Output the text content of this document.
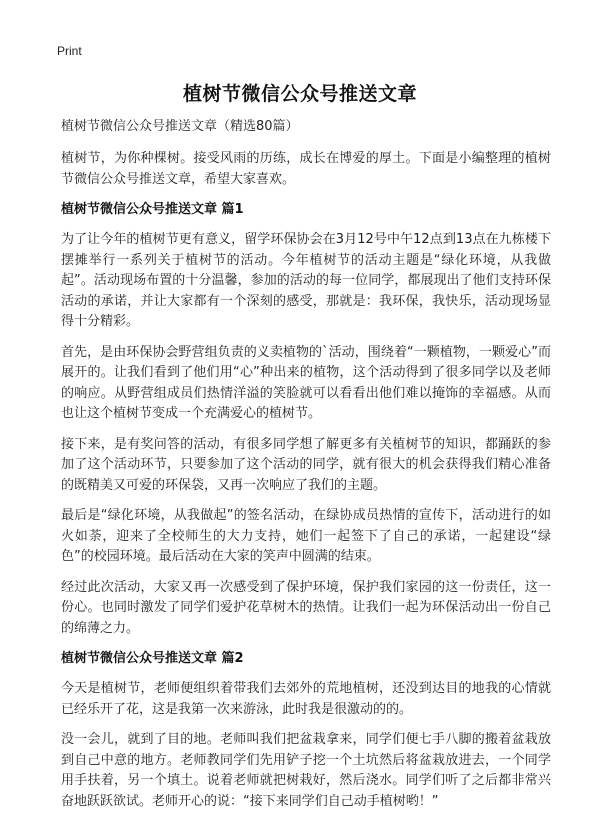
Print
植树节微信公众号推送文章

植树节微信公众号推送文章（精选80篇）

植树节，为你种棵树。接受风雨的历练，成长在博爱的厚土。下面是小编整理的植树节微信公众号推送文章，希望大家喜欢。

植树节微信公众号推送文章 篇1

为了让今年的植树节更有意义，留学环保协会在3月12号中午12点到13点在九栋楼下摆摊举行一系列关于植树节的活动。今年植树节的活动主题是“绿化环境，从我做起”。活动现场布置的十分温馨，参加的活动的每一位同学，都展现出了他们支持环保活动的承诺，并让大家都有一个深刻的感受，那就是：我环保，我快乐，活动现场显得十分精彩。

首先，是由环保协会野营组负责的义卖植物的`活动，围绕着“一颗植物，一颗爱心”而展开的。让我们看到了他们用“心”种出来的植物，这个活动得到了很多同学以及老师的响应。从野营组成员们热情洋溢的笑脸就可以看看出他们难以掩饰的幸福感。从而也让这个植树节变成一个充满爱心的植树节。

接下来，是有奖问答的活动，有很多同学想了解更多有关植树节的知识，都踊跃的参加了这个活动环节，只要参加了这个活动的同学，就有很大的机会获得我们精心准备的既精美又可爱的环保袋，又再一次响应了我们的主题。

最后是“绿化环境，从我做起”的签名活动，在绿协成员热情的宣传下，活动进行的如火如荼，迎来了全校师生的大力支持，她们一起签下了自己的承诺，一起建设“绿色”的校园环境。最后活动在大家的笑声中圆满的结束。

经过此次活动，大家又再一次感受到了保护环境，保护我们家园的这一份责任，这一份心。也同时激发了同学们爱护花草树木的热情。让我们一起为环保活动出一份自己的绵薄之力。

植树节微信公众号推送文章 篇2

今天是植树节，老师便组织着带我们去郊外的荒地植树，还没到达目的地我的心情就已经乐开了花，这是我第一次来游泳，此时我是很激动的的。

没一会儿，就到了目的地。老师叫我们把盆栽拿来，同学们便七手八脚的搬着盆栽放到自己中意的地方。老师教同学们先用铲子挖一个土坑然后将盆栽放进去，一个同学用手扶着，另一个填土。说着老师就把树栽好，然后浇水。同学们听了之后都非常兴奋地跃跃欲试。老师开心的说：“接下来同学们自己动手植树哟！”
